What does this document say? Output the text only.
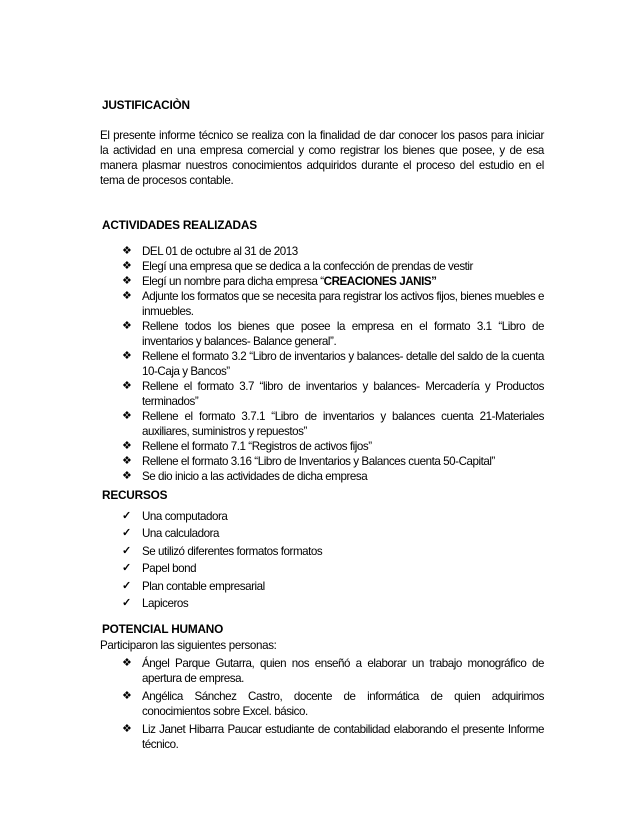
JUSTIFICACIÒN
El presente informe técnico se realiza con la finalidad de dar conocer los pasos para iniciar la actividad en una empresa comercial y como registrar los bienes que posee, y de esa manera plasmar nuestros conocimientos adquiridos durante el proceso del estudio en el tema de procesos contable.
ACTIVIDADES REALIZADAS
❖ DEL 01 de octubre al 31 de 2013
❖ Elegí una empresa que se dedica a la confección de prendas de vestir
❖ Elegí un nombre para dicha empresa “CREACIONES JANIS”
❖ Adjunte los formatos que se necesita para registrar los activos fijos, bienes muebles e inmuebles.
❖ Rellene todos los bienes que posee la empresa en el formato 3.1 “Libro de inventarios y balances- Balance general”.
❖ Rellene el formato 3.2 “Libro de inventarios y balances- detalle del saldo de la cuenta 10-Caja y Bancos”
❖ Rellene el formato 3.7 “libro de inventarios y balances- Mercadería y Productos terminados”
❖ Rellene el formato 3.7.1 “Libro de inventarios y balances cuenta 21-Materiales auxiliares, suministros y repuestos”
❖ Rellene el formato 7.1 “Registros de activos fijos”
❖ Rellene el formato 3.16 “Libro de Inventarios y Balances cuenta 50-Capital”
❖ Se dio inicio a las actividades de dicha empresa
RECURSOS
✓ Una computadora
✓ Una calculadora
✓ Se utilizó diferentes formatos formatos
✓ Papel bond
✓ Plan contable empresarial
✓ Lapiceros
POTENCIAL HUMANO
Participaron las siguientes personas:
❖ Ángel Parque Gutarra, quien nos enseñó a elaborar un trabajo monográfico de apertura de empresa.
❖ Angélica Sánchez Castro, docente de informática de quien adquirimos conocimientos sobre Excel. básico.
❖ Liz Janet Hibarra Paucar estudiante de contabilidad elaborando el presente Informe técnico.
